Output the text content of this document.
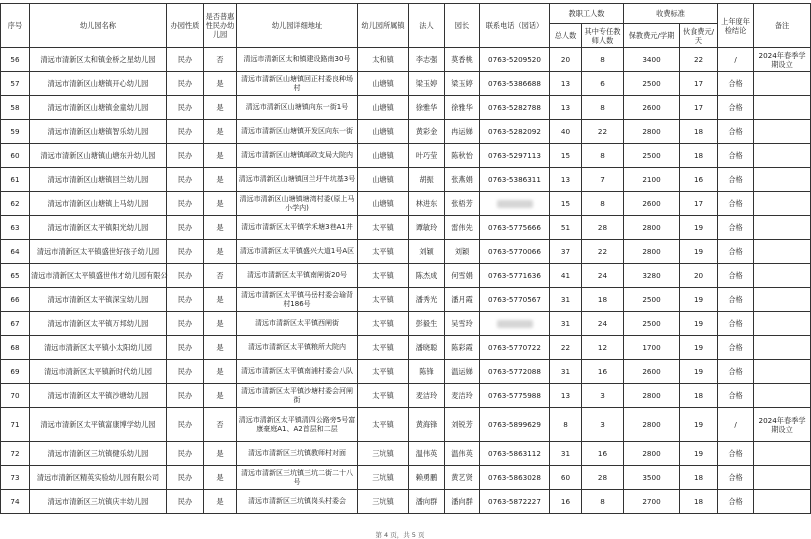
序号	幼儿园名称	办园性质	是否普惠性民办幼儿园	幼儿园详细地址	幼儿园所属镇	法人	园长	联系电话（园话）	教职工人数		收费标准		上年度年检结论	备注
									总人数	其中专任教师人数	保教费元/学期	伙食费元/天		
56	清远市清新区太和镇金桥之星幼儿园	民办	否	清远市清新区太和镇建设路南30号	太和镇	李志强	莫香桃	0763-5209520	20	8	3400	22	/	2024年春季学期设立
57	清远市清新区山塘镇开心幼儿园	民办	是	清远市清新区山塘镇回正村委良种场村	山塘镇	梁玉婷	梁玉婷	0763-5386688	13	6	2500	17	合格	
58	清远市清新区山塘镇金童幼儿园	民办	是	清远市清新区山塘镇向东一街1号	山塘镇	徐雅华	徐雅华	0763-5282788	13	8	2600	17	合格	
59	清远市清新区山塘镇智乐幼儿园	民办	是	清远市清新区山塘镇开发区向东一街	山塘镇	黄彩金	冉运娣	0763-5282092	40	22	2800	18	合格	
60	清远市清新区山塘镇山塘东升幼儿园	民办	是	清远市清新区山塘镇邮政支局大院内	山塘镇	叶巧莹	陈秋怡	0763-5297113	15	8	2500	18	合格	
61	清远市清新区山塘镇回兰幼儿园	民办	是	清远市清新区山塘镇回兰圩牛坑基3号	山塘镇	胡振	张燕娟	0763-5386311	13	7	2100	16	合格	
62	清远市清新区山塘镇上马幼儿园	民办	是	清远市清新区山塘镇塘湾村委(原上马小学内)	山塘镇	林进东	张梧芳		15	8	2600	17	合格	
63	清远市清新区太平镇阳光幼儿园	民办	是	清远市清新区太平镇学禾塘3巷A1井	太平镇	谭敏玲	雷伟先	0763-5775666	51	28	2800	19	合格	
64	清远市清新区太平镇盛世好孩子幼儿园	民办	是	清远市清新区太平镇盛兴大道1号A区	太平镇	刘颖	刘颖	0763-5770066	37	22	2800	19	合格	
65	清远市清新区太平镇盛世伟才幼儿园有限公	民办	否	清远市清新区太平镇南闸街20号	太平镇	陈杰成	何雪娟	0763-5771636	41	24	3280	20	合格	
66	清远市清新区太平镇深宝幼儿园	民办	是	清远市清新区太平镇马岳村委会瑜背村186号	太平镇	潘秀光	潘月霞	0763-5770567	31	18	2500	19	合格	
67	清远市清新区太平镇万邦幼儿园	民办	是	清远市清新区太平镇西闸街	太平镇	彭毅生	吴雪玲		31	24	2500	19	合格	
68	清远市清新区太平镇小太阳幼儿园	民办	是	清远市清新区太平镇粮所大院内	太平镇	潘晓聪	陈彩霞	0763-5770722	22	12	1700	19	合格	
69	清远市清新区太平镇新时代幼儿园	民办	是	清远市清新区太平镇南浦村委会八队	太平镇	陈锋	温运娣	0763-5772088	31	16	2600	19	合格	
70	清远市清新区太平镇沙塘幼儿园	民办	是	清远市清新区太平镇沙塘村委会河闸街	太平镇	麦洁玲	麦洁玲	0763-5775988	13	3	2800	18	合格	
71	清远市清新区太平镇富康博学幼儿园	民办	否	清远市清新区太平镇清四公路旁5号富康豪庭A1、A2首层和二层	太平镇	黄海锋	刘锐芳	0763-5899629	8	3	2800	19	/	2024年春季学期设立
72	清远市清新区三坑镇健乐幼儿园	民办	是	清远市清新区三坑镇教师村对面	三坑镇	温伟英	温伟英	0763-5863112	31	16	2800	19	合格	
73	清远市清新区精英实验幼儿园有限公司	民办	是	清远市清新区三坑镇三坑二街二十八号	三坑镇	赖勇鹏	黄艺贤	0763-5863028	60	28	3500	18	合格	
74	清远市清新区三坑镇庆丰幼儿园	民办	是	清远市清新区三坑镇岗头村委会	三坑镇	潘向群	潘向群	0763-5872227	16	8	2700	18	合格	
第 4 页，共 5 页
